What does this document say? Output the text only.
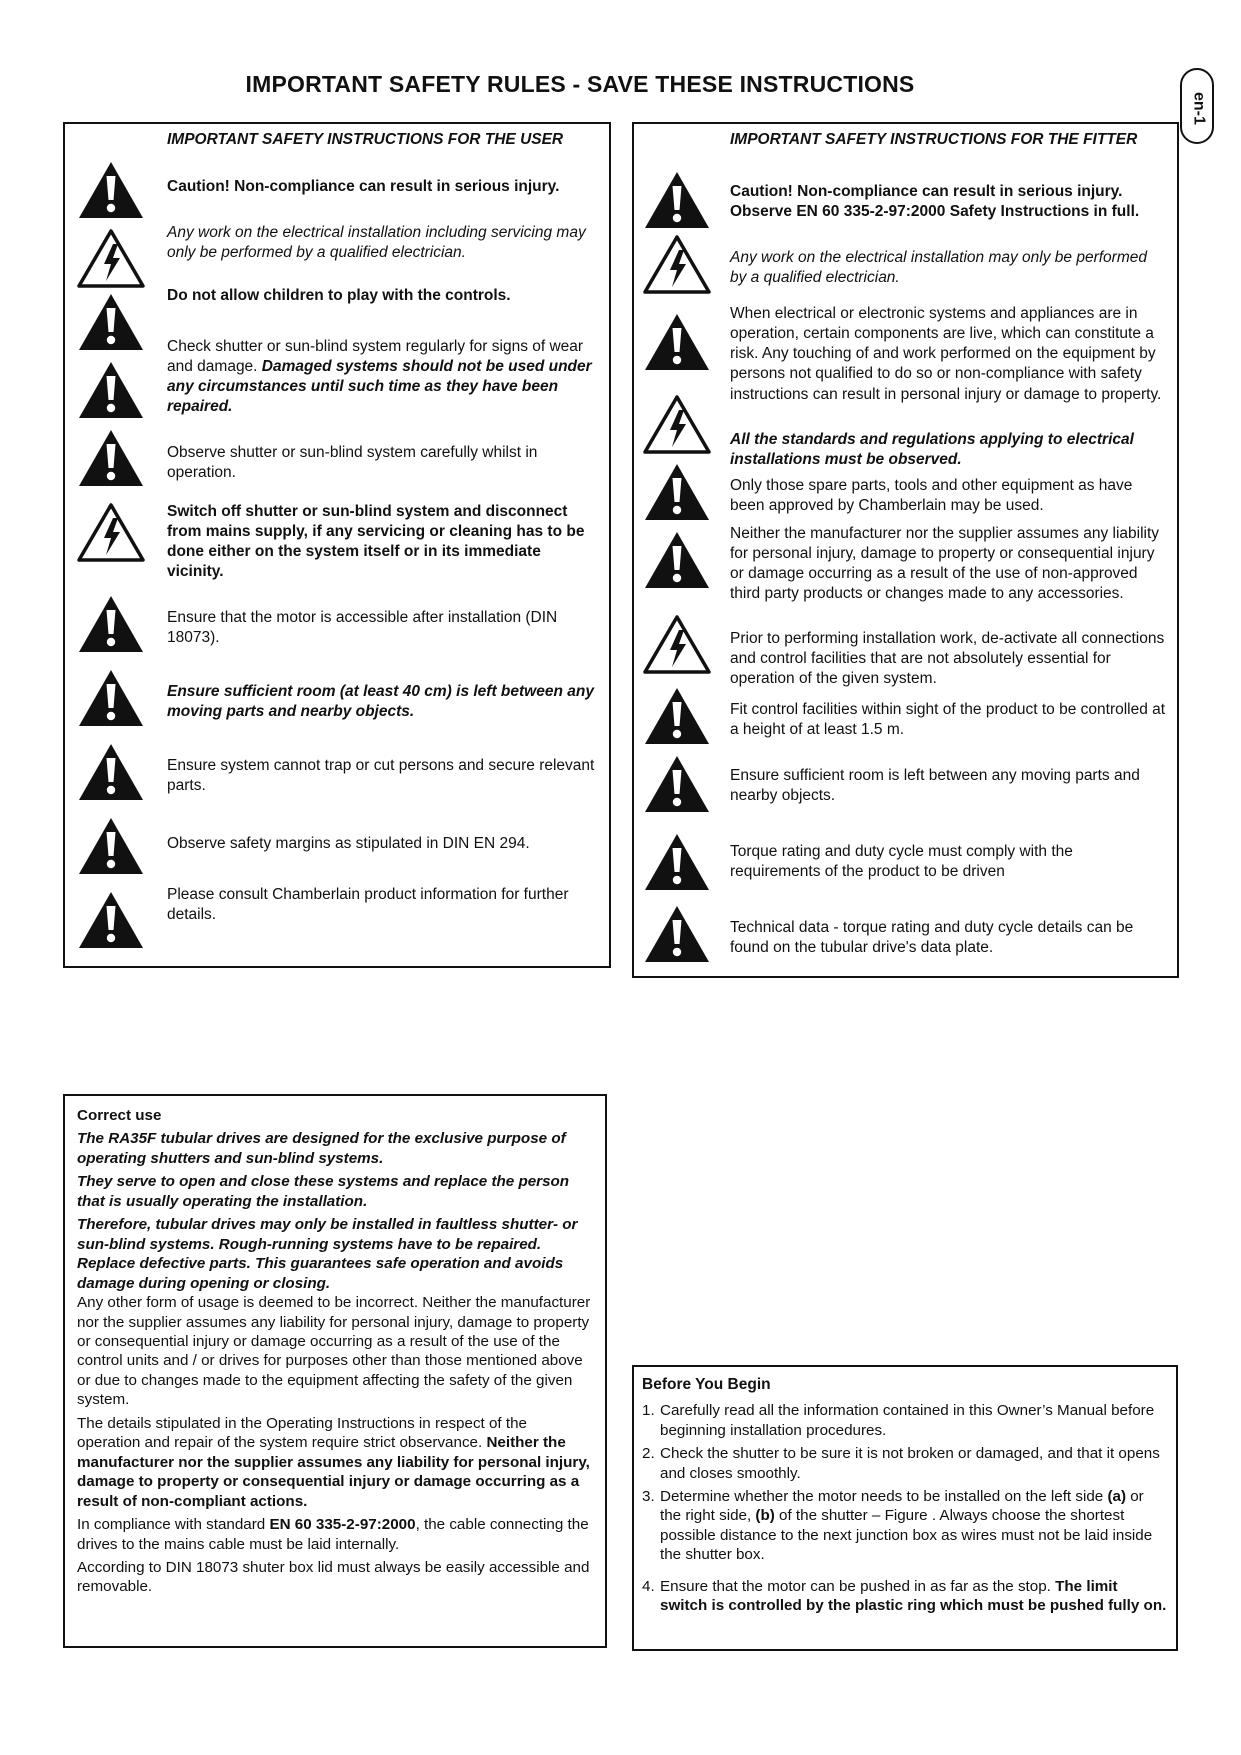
IMPORTANT SAFETY RULES - SAVE THESE INSTRUCTIONS
en-1
IMPORTANT SAFETY INSTRUCTIONS FOR THE USER
Caution! Non-compliance can result in serious injury.
Any work on the electrical installation including servicing may only be performed by a qualified electrician.
Do not allow children to play with the controls.
Check shutter or sun-blind system regularly for signs of wear and damage. Damaged systems should not be used under any circumstances until such time as they have been repaired.
Observe shutter or sun-blind system carefully whilst in operation.
Switch off shutter or sun-blind system and disconnect from mains supply, if any servicing or cleaning has to be done either on the system itself or in its immediate vicinity.
Ensure that the motor is accessible after installation (DIN 18073).
Ensure sufficient room (at least 40 cm) is left between any moving parts and nearby objects.
Ensure system cannot trap or cut persons and secure relevant parts.
Observe safety margins as stipulated in DIN EN 294.
Please consult Chamberlain product information for further details.
IMPORTANT SAFETY INSTRUCTIONS FOR THE FITTER
Caution! Non-compliance can result in serious injury. Observe EN 60 335-2-97:2000 Safety Instructions in full.
Any work on the electrical installation may only be performed by a qualified electrician.
When electrical or electronic systems and appliances are in operation, certain components are live, which can constitute a risk. Any touching of and work performed on the equipment by persons not qualified to do so or non-compliance with safety instructions can result in personal injury or damage to property.
All the standards and regulations applying to electrical installations must be observed.
Only those spare parts, tools and other equipment as have been approved by Chamberlain may be used.
Neither the manufacturer nor the supplier assumes any liability for personal injury, damage to property or consequential injury or damage occurring as a result of the use of non-approved third party products or changes made to any accessories.
Prior to performing installation work, de-activate all connections and control facilities that are not absolutely essential for operation of the given system.
Fit control facilities within sight of the product to be controlled at a height of at least 1.5 m.
Ensure sufficient room is left between any moving parts and nearby objects.
Torque rating and duty cycle must comply with the requirements of the product to be driven
Technical data - torque rating and duty cycle details can be found on the tubular drive's data plate.

Correct use

The RA35F tubular drives are designed for the exclusive purpose of operating shutters and sun-blind systems.

They serve to open and close these systems and replace the person that is usually operating the installation.

Therefore, tubular drives may only be installed in faultless shutter- or sun-blind systems. Rough-running systems have to be repaired. Replace defective parts. This guarantees safe operation and avoids damage during opening or closing.

Any other form of usage is deemed to be incorrect. Neither the manufacturer nor the supplier assumes any liability for personal injury, damage to property or consequential injury or damage occurring as a result of the use of the control units and / or drives for purposes other than those mentioned above or due to changes made to the equipment affecting the safety of the given system.

The details stipulated in the Operating Instructions in respect of the operation and repair of the system require strict observance. Neither the manufacturer nor the supplier assumes any liability for personal injury, damage to property or consequential injury or damage occurring as a result of non-compliant actions.

In compliance with standard EN 60 335-2-97:2000, the cable connecting the drives to the mains cable must be laid internally.

According to DIN 18073 shuter box lid must always be easily accessible and removable.

Before You Begin
1. Carefully read all the information contained in this Owner’s Manual before beginning installation procedures.
2. Check the shutter to be sure it is not broken or damaged, and that it opens and closes smoothly.
3. Determine whether the motor needs to be installed on the left side (a) or the right side, (b) of the shutter – Figure . Always choose the shortest possible distance to the next junction box as wires must not be laid inside the shutter box.
4. Ensure that the motor can be pushed in as far as the stop. The limit switch is controlled by the plastic ring which must be pushed fully on.
